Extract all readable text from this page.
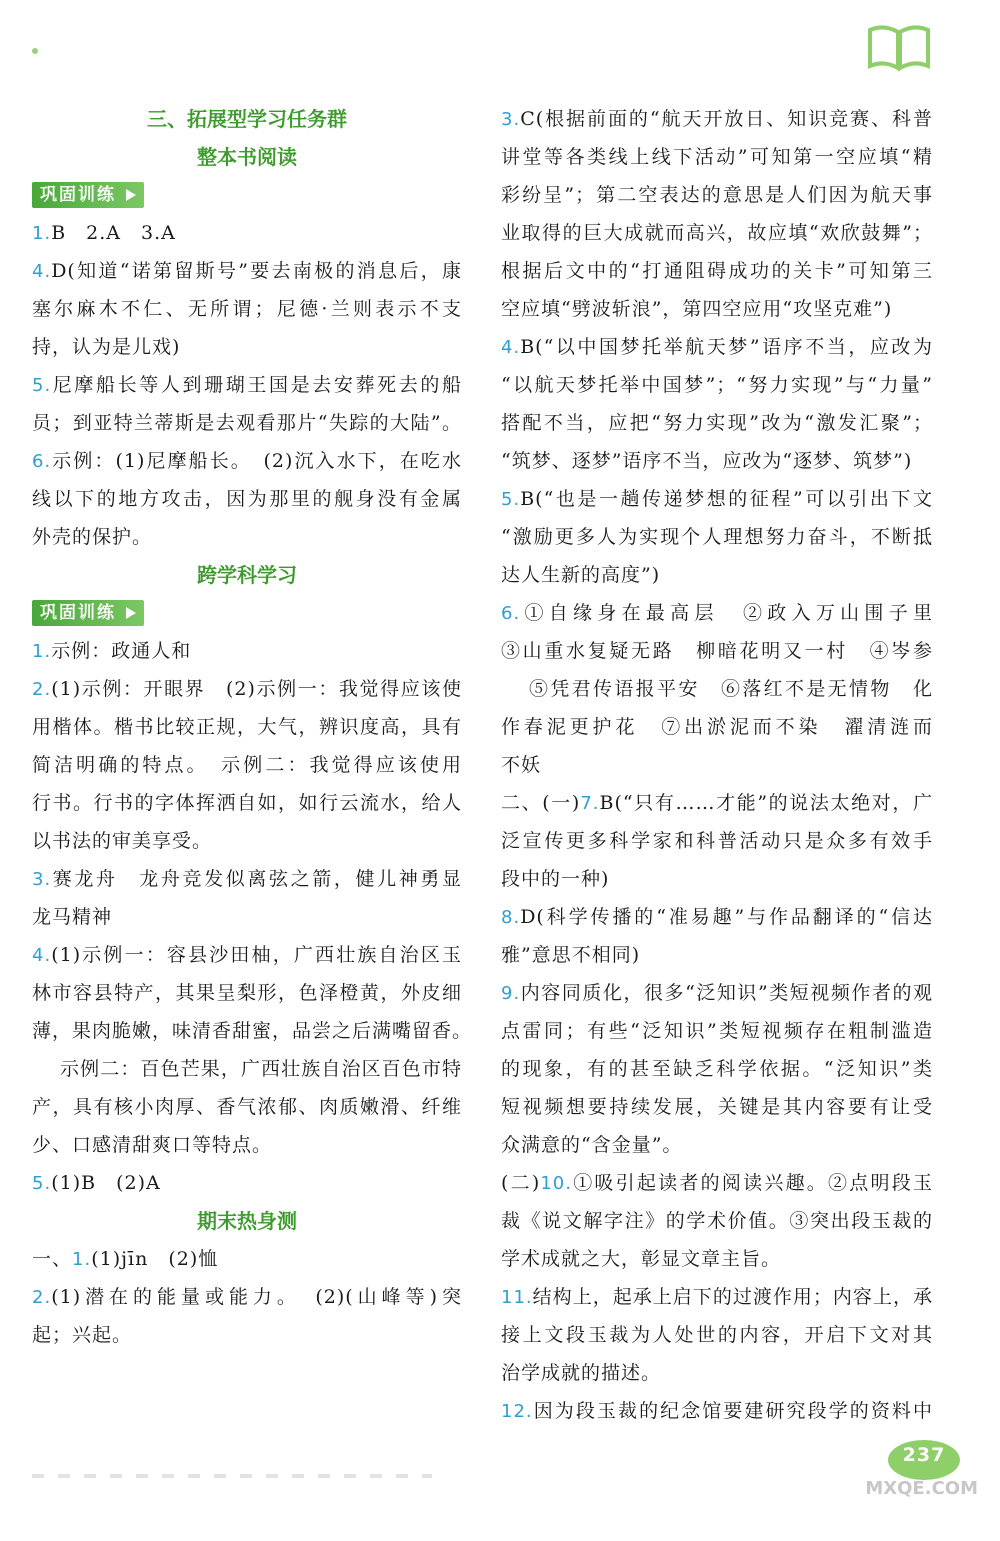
三、拓展型学习任务群
整本书阅读
巩固训练
1.B　2.A　3.A
4.D(知道“诺第留斯号”要去南极的消息后，康
塞尔麻木不仁、无所谓；尼德·兰则表示不支
持，认为是儿戏)
5.尼摩船长等人到珊瑚王国是去安葬死去的船
员；到亚特兰蒂斯是去观看那片“失踪的大陆”。
6.示例：(1)尼摩船长。　(2)沉入水下，在吃水
线以下的地方攻击，因为那里的舰身没有金属
外壳的保护。
跨学科学习
巩固训练
1.示例：政通人和
2.(1)示例：开眼界　(2)示例一：我觉得应该使
用楷体。楷书比较正规，大气，辨识度高，具有
简洁明确的特点。　示例二：我觉得应该使用
行书。行书的字体挥洒自如，如行云流水，给人
以书法的审美享受。
3.赛龙舟　龙舟竞发似离弦之箭，健儿神勇显
龙马精神
4.(1)示例一：容县沙田柚，广西壮族自治区玉
林市容县特产，其果呈梨形，色泽橙黄，外皮细
薄，果肉脆嫩，味清香甜蜜，品尝之后满嘴留香。
示例二：百色芒果，广西壮族自治区百色市特
产，具有核小肉厚、香气浓郁、肉质嫩滑、纤维
少、口感清甜爽口等特点。
5.(1)B　(2)A
期末热身测
一、1.(1)jīn　(2)恤
2.(1)潜在的能量或能力。　(2)(山峰等)突
起；兴起。
3.C(根据前面的“航天开放日、知识竞赛、科普
讲堂等各类线上线下活动”可知第一空应填“精
彩纷呈”；第二空表达的意思是人们因为航天事
业取得的巨大成就而高兴，故应填“欢欣鼓舞”；
根据后文中的“打通阻碍成功的关卡”可知第三
空应填“劈波斩浪”，第四空应用“攻坚克难”)
4.B(“以中国梦托举航天梦”语序不当，应改为
“以航天梦托举中国梦”；“努力实现”与“力量”
搭配不当，应把“努力实现”改为“激发汇聚”；
“筑梦、逐梦”语序不当，应改为“逐梦、筑梦”)
5.B(“也是一趟传递梦想的征程”可以引出下文
“激励更多人为实现个人理想努力奋斗，不断抵
达人生新的高度”)
6.①自缘身在最高层　②政入万山围子里
③山重水复疑无路　柳暗花明又一村　④岑参
⑤凭君传语报平安　⑥落红不是无情物　化
作春泥更护花　⑦出淤泥而不染　濯清涟而
不妖
二、(一)7.B(“只有……才能”的说法太绝对，广
泛宣传更多科学家和科普活动只是众多有效手
段中的一种)
8.D(科学传播的“准易趣”与作品翻译的“信达
雅”意思不相同)
9.内容同质化，很多“泛知识”类短视频作者的观
点雷同；有些“泛知识”类短视频存在粗制滥造
的现象，有的甚至缺乏科学依据。“泛知识”类
短视频想要持续发展，关键是其内容要有让受
众满意的“含金量”。
(二)10.①吸引起读者的阅读兴趣。②点明段玉
裁《说文解字注》的学术价值。③突出段玉裁的
学术成就之大，彰显文章主旨。
11.结构上，起承上启下的过渡作用；内容上，承
接上文段玉裁为人处世的内容，开启下文对其
治学成就的描述。
12.因为段玉裁的纪念馆要建研究段学的资料中
237
MXQE.COM
